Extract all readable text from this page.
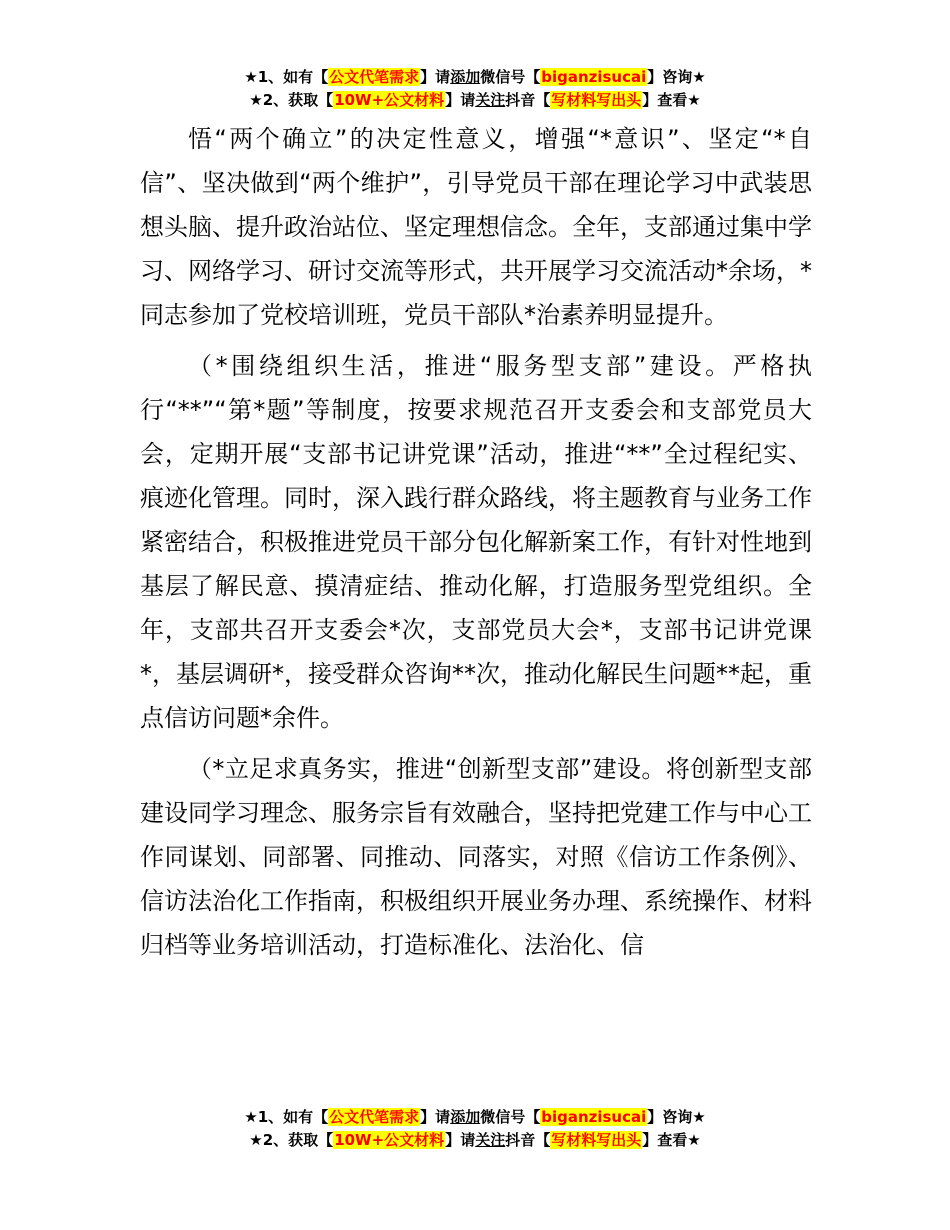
★1、如有【公文代笔需求】请添加微信号【biganzisucai】咨询★
★2、获取【10W+公文材料】请关注抖音【写材料写出头】查看★

悟“两个确立”的决定性意义，增强“*意识”、坚定“*自信”、坚决做到“两个维护”，引导党员干部在理论学习中武装思想头脑、提升政治站位、坚定理想信念。全年，支部通过集中学习、网络学习、研讨交流等形式，共开展学习交流活动*余场，*同志参加了党校培训班，党员干部队*治素养明显提升。

（*围绕组织生活，推进“服务型支部”建设。严格执行“**”“第*题”等制度，按要求规范召开支委会和支部党员大会，定期开展“支部书记讲党课”活动，推进“**”全过程纪实、痕迹化管理。同时，深入践行群众路线，将主题教育与业务工作紧密结合，积极推进党员干部分包化解新案工作，有针对性地到基层了解民意、摸清症结、推动化解，打造服务型党组织。全年，支部共召开支委会*次，支部党员大会*，支部书记讲党课*，基层调研*，接受群众咨询**次，推动化解民生问题**起，重点信访问题*余件。

（*立足求真务实，推进“创新型支部”建设。将创新型支部建设同学习理念、服务宗旨有效融合，坚持把党建工作与中心工作同谋划、同部署、同推动、同落实，对照《信访工作条例》、信访法治化工作指南，积极组织开展业务办理、系统操作、材料归档等业务培训活动，打造标准化、法治化、信

★1、如有【公文代笔需求】请添加微信号【biganzisucai】咨询★
★2、获取【10W+公文材料】请关注抖音【写材料写出头】查看★
